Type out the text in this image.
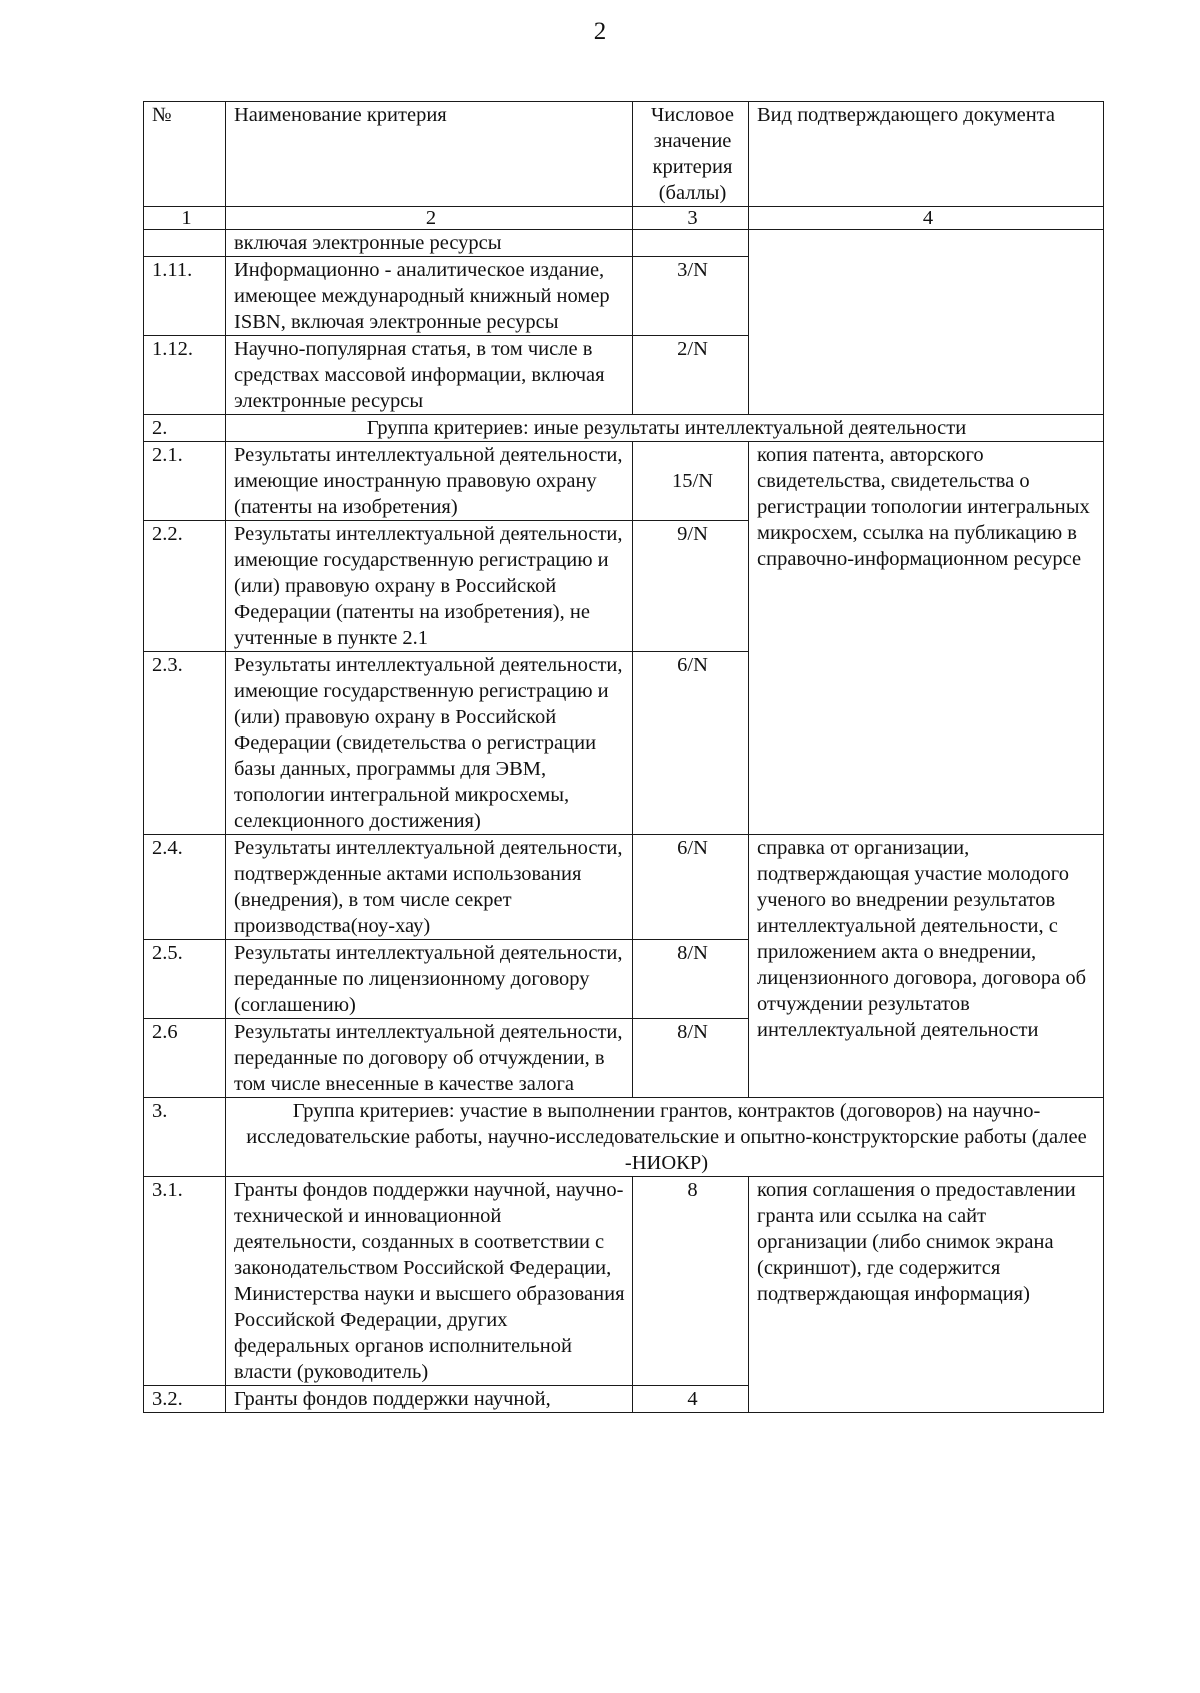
2
№	Наименование критерия	Числовое значение критерия (баллы)	Вид подтверждающего документа
1	2	3	4
	включая электронные ресурсы		
1.11.	Информационно - аналитическое издание, имеющее международный книжный номер ISBN, включая электронные ресурсы	3/N	
1.12.	Научно-популярная статья, в том числе в средствах массовой информации, включая электронные ресурсы	2/N	
2.	Группа критериев: иные результаты интеллектуальной деятельности		
2.1.	Результаты интеллектуальной деятельности, имеющие иностранную правовую охрану (патенты на изобретения)	15/N	копия патента, авторского свидетельства, свидетельства о регистрации топологии интегральных микросхем, ссылка на публикацию в справочно-информационном ресурсе
2.2.	Результаты интеллектуальной деятельности, имеющие государственную регистрацию и (или) правовую охрану в Российской Федерации (патенты на изобретения), не учтенные в пункте 2.1	9/N	
2.3.	Результаты интеллектуальной деятельности, имеющие государственную регистрацию и (или) правовую охрану в Российской Федерации (свидетельства о регистрации базы данных, программы для ЭВМ, топологии интегральной микросхемы, селекционного достижения)	6/N	
2.4.	Результаты интеллектуальной деятельности, подтвержденные актами использования (внедрения), в том числе секрет производства(ноу-хау)	6/N	справка от организации, подтверждающая участие молодого ученого во внедрении результатов интеллектуальной деятельности, с приложением акта о внедрении, лицензионного договора, договора об отчуждении результатов интеллектуальной деятельности
2.5.	Результаты интеллектуальной деятельности, переданные по лицензионному договору (соглашению)	8/N	
2.6	Результаты интеллектуальной деятельности, переданные по договору об отчуждении, в том числе внесенные в качестве залога	8/N	
3.	Группа критериев: участие в выполнении грантов, контрактов (договоров) на научно-исследовательские работы, научно-исследовательские и опытно-конструкторские работы (далее -НИОКР)		
3.1.	Гранты фондов поддержки научной, научно-технической и инновационной деятельности, созданных в соответствии с законодательством Российской Федерации, Министерства науки и высшего образования Российской Федерации, других федеральных органов исполнительной власти (руководитель)	8	копия соглашения о предоставлении гранта или ссылка на сайт организации (либо снимок экрана (скриншот), где содержится подтверждающая информация)
3.2.	Гранты фондов поддержки научной,	4	
